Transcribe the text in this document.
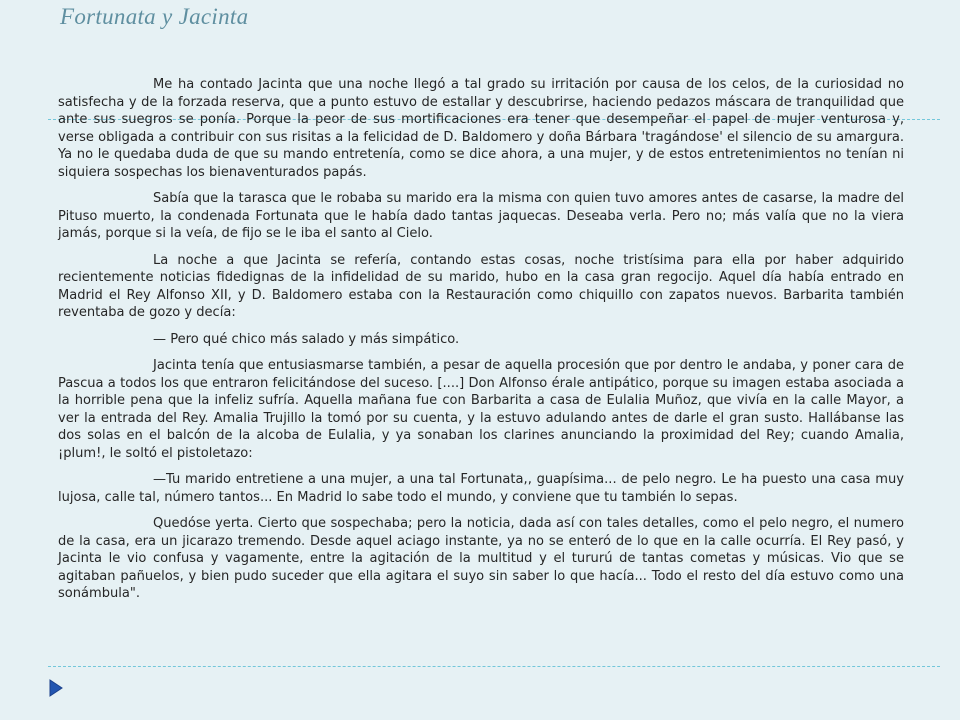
Fortunata y Jacinta

Me ha contado Jacinta que una noche llegó a tal grado su irritación por causa de los celos, de la curiosidad no satisfecha y de la forzada reserva, que a punto estuvo de estallar y descubrirse, haciendo pedazos máscara de tranquilidad que ante sus suegros se ponía. Porque la peor de sus mortificaciones era tener que desempeñar el papel de mujer venturosa y, verse obligada a contribuir con sus risitas a la felicidad de D. Baldomero y doña Bárbara 'tragándose' el silencio de su amargura. Ya no le quedaba duda de que su mando entretenía, como se dice ahora, a una mujer, y de estos entretenimientos no tenían ni siquiera sospechas los bienaventurados papás.

Sabía que la tarasca que le robaba su marido era la misma con quien tuvo amores antes de casarse, la madre del Pituso muerto, la condenada Fortunata que le había dado tantas jaquecas. Deseaba verla. Pero no; más valía que no la viera jamás, porque si la veía, de fijo se le iba el santo al Cielo.

La noche a que Jacinta se refería, contando estas cosas, noche tristísima para ella por haber adquirido recientemente noticias fidedignas de la infidelidad de su marido, hubo en la casa gran regocijo. Aquel día había entrado en Madrid el Rey Alfonso XII, y D. Baldomero estaba con la Restauración como chiquillo con zapatos nuevos. Barbarita también reventaba de gozo y decía:

— Pero qué chico más salado y más simpático.

Jacinta tenía que entusiasmarse también, a pesar de aquella procesión que por dentro le andaba, y poner cara de Pascua a todos los que entraron felicitándose del suceso. [....] Don Alfonso érale antipático, porque su imagen estaba asociada a la horrible pena que la infeliz sufría. Aquella mañana fue con Barbarita a casa de Eulalia Muñoz, que vivía en la calle Mayor, a ver la entrada del Rey. Amalia Trujillo la tomó por su cuenta, y la estuvo adulando antes de darle el gran susto. Hallábanse las dos solas en el balcón de la alcoba de Eulalia, y ya sonaban los clarines anunciando la proximidad del Rey; cuando Amalia, ¡plum!, le soltó el pistoletazo:

—Tu marido entretiene a una mujer, a una tal Fortunata,, guapísima... de pelo negro. Le ha puesto una casa muy lujosa, calle tal, número tantos... En Madrid lo sabe todo el mundo, y conviene que tu también lo sepas.

Quedóse yerta. Cierto que sospechaba; pero la noticia, dada así con tales detalles, como el pelo negro, el numero de la casa, era un jicarazo tremendo. Desde aquel aciago instante, ya no se enteró de lo que en la calle ocurría. El Rey pasó, y Jacinta le vio confusa y vagamente, entre la agitación de la multitud y el tururú de tantas cometas y músicas. Vio que se agitaban pañuelos, y bien pudo suceder que ella agitara el suyo sin saber lo que hacía... Todo el resto del día estuvo como una sonámbula".
